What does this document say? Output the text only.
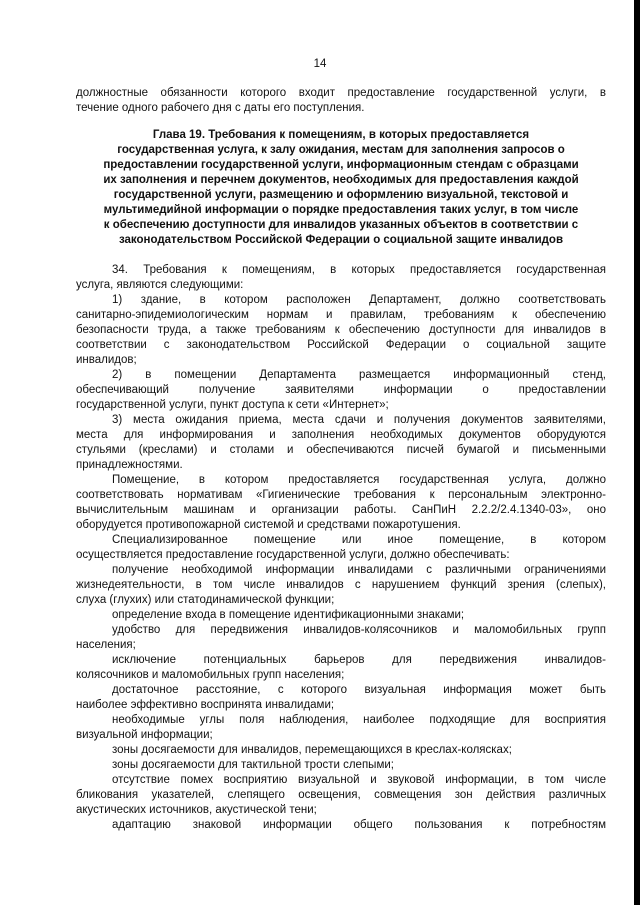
14
должностные обязанности которого входит предоставление государственной услуги, в
течение одного рабочего дня с даты его поступления.
Глава 19. Требования к помещениям, в которых предоставляется
государственная услуга, к залу ожидания, местам для заполнения запросов о
предоставлении государственной услуги, информационным стендам с образцами
их заполнения и перечнем документов, необходимых для предоставления каждой
государственной услуги, размещению и оформлению визуальной, текстовой и
мультимедийной информации о порядке предоставления таких услуг, в том числе
к обеспечению доступности для инвалидов указанных объектов в соответствии с
законодательством Российской Федерации о социальной защите инвалидов
34. Требования к помещениям, в которых предоставляется государственная
услуга, являются следующими:
1) здание, в котором расположен Департамент, должно соответствовать
санитарно-эпидемиологическим нормам и правилам, требованиям к обеспечению
безопасности труда, а также требованиям к обеспечению доступности для инвалидов в
соответствии с законодательством Российской Федерации о социальной защите
инвалидов;
2) в помещении Департамента размещается информационный стенд,
обеспечивающий получение заявителями информации о предоставлении
государственной услуги, пункт доступа к сети «Интернет»;
3) места ожидания приема, места сдачи и получения документов заявителями,
места для информирования и заполнения необходимых документов оборудуются
стульями (креслами) и столами и обеспечиваются писчей бумагой и письменными
принадлежностями.
Помещение, в котором предоставляется государственная услуга, должно
соответствовать нормативам «Гигиенические требования к персональным электронно-
вычислительным машинам и организации работы. СанПиН 2.2.2/2.4.1340-03», оно
оборудуется противопожарной системой и средствами пожаротушения.
Специализированное помещение или иное помещение, в котором
осуществляется предоставление государственной услуги, должно обеспечивать:
получение необходимой информации инвалидами с различными ограничениями
жизнедеятельности, в том числе инвалидов с нарушением функций зрения (слепых),
слуха (глухих) или статодинамической функции;
определение входа в помещение идентификационными знаками;
удобство для передвижения инвалидов-колясочников и маломобильных групп
населения;
исключение потенциальных барьеров для передвижения инвалидов-
колясочников и маломобильных групп населения;
достаточное расстояние, с которого визуальная информация может быть
наиболее эффективно воспринята инвалидами;
необходимые углы поля наблюдения, наиболее подходящие для восприятия
визуальной информации;
зоны досягаемости для инвалидов, перемещающихся в креслах-колясках;
зоны досягаемости для тактильной трости слепыми;
отсутствие помех восприятию визуальной и звуковой информации, в том числе
бликования указателей, слепящего освещения, совмещения зон действия различных
акустических источников, акустической тени;
адаптацию знаковой информации общего пользования к потребностям
